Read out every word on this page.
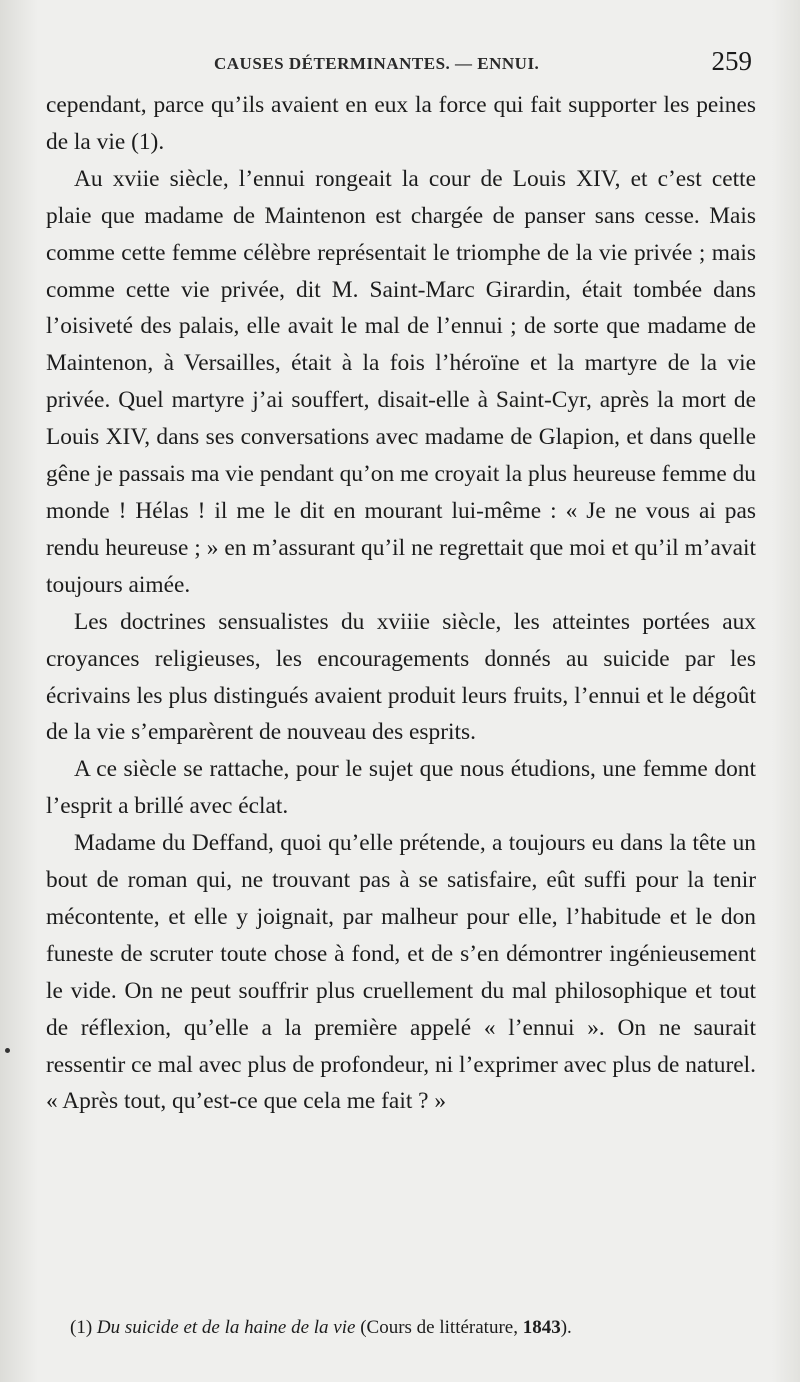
CAUSES DÉTERMINANTES. — ENNUI.	259

cependant, parce qu’ils avaient en eux la force qui fait supporter les peines de la vie (1).

Au xviie siècle, l’ennui rongeait la cour de Louis XIV, et c’est cette plaie que madame de Maintenon est chargée de panser sans cesse. Mais comme cette femme célèbre représentait le triomphe de la vie privée ; mais comme cette vie privée, dit M. Saint-Marc Girardin, était tombée dans l’oisiveté des palais, elle avait le mal de l’ennui ; de sorte que madame de Maintenon, à Versailles, était à la fois l’héroïne et la martyre de la vie privée. Quel martyre j’ai souffert, disait-elle à Saint-Cyr, après la mort de Louis XIV, dans ses conversations avec madame de Glapion, et dans quelle gêne je passais ma vie pendant qu’on me croyait la plus heureuse femme du monde ! Hélas ! il me le dit en mourant lui-même : « Je ne vous ai pas rendu heureuse ; » en m’assurant qu’il ne regrettait que moi et qu’il m’avait toujours aimée.

Les doctrines sensualistes du xviiie siècle, les atteintes portées aux croyances religieuses, les encouragements donnés au suicide par les écrivains les plus distingués avaient produit leurs fruits, l’ennui et le dégoût de la vie s’emparèrent de nouveau des esprits.

A ce siècle se rattache, pour le sujet que nous étudions, une femme dont l’esprit a brillé avec éclat.

Madame du Deffand, quoi qu’elle prétende, a toujours eu dans la tête un bout de roman qui, ne trouvant pas à se satisfaire, eût suffi pour la tenir mécontente, et elle y joignait, par malheur pour elle, l’habitude et le don funeste de scruter toute chose à fond, et de s’en démontrer ingénieusement le vide. On ne peut souffrir plus cruellement du mal philosophique et tout de réflexion, qu’elle a la première appelé « l’ennui ». On ne saurait ressentir ce mal avec plus de profondeur, ni l’exprimer avec plus de naturel. « Après tout, qu’est-ce que cela me fait ? »

(1) Du suicide et de la haine de la vie (Cours de littérature, 1843).
